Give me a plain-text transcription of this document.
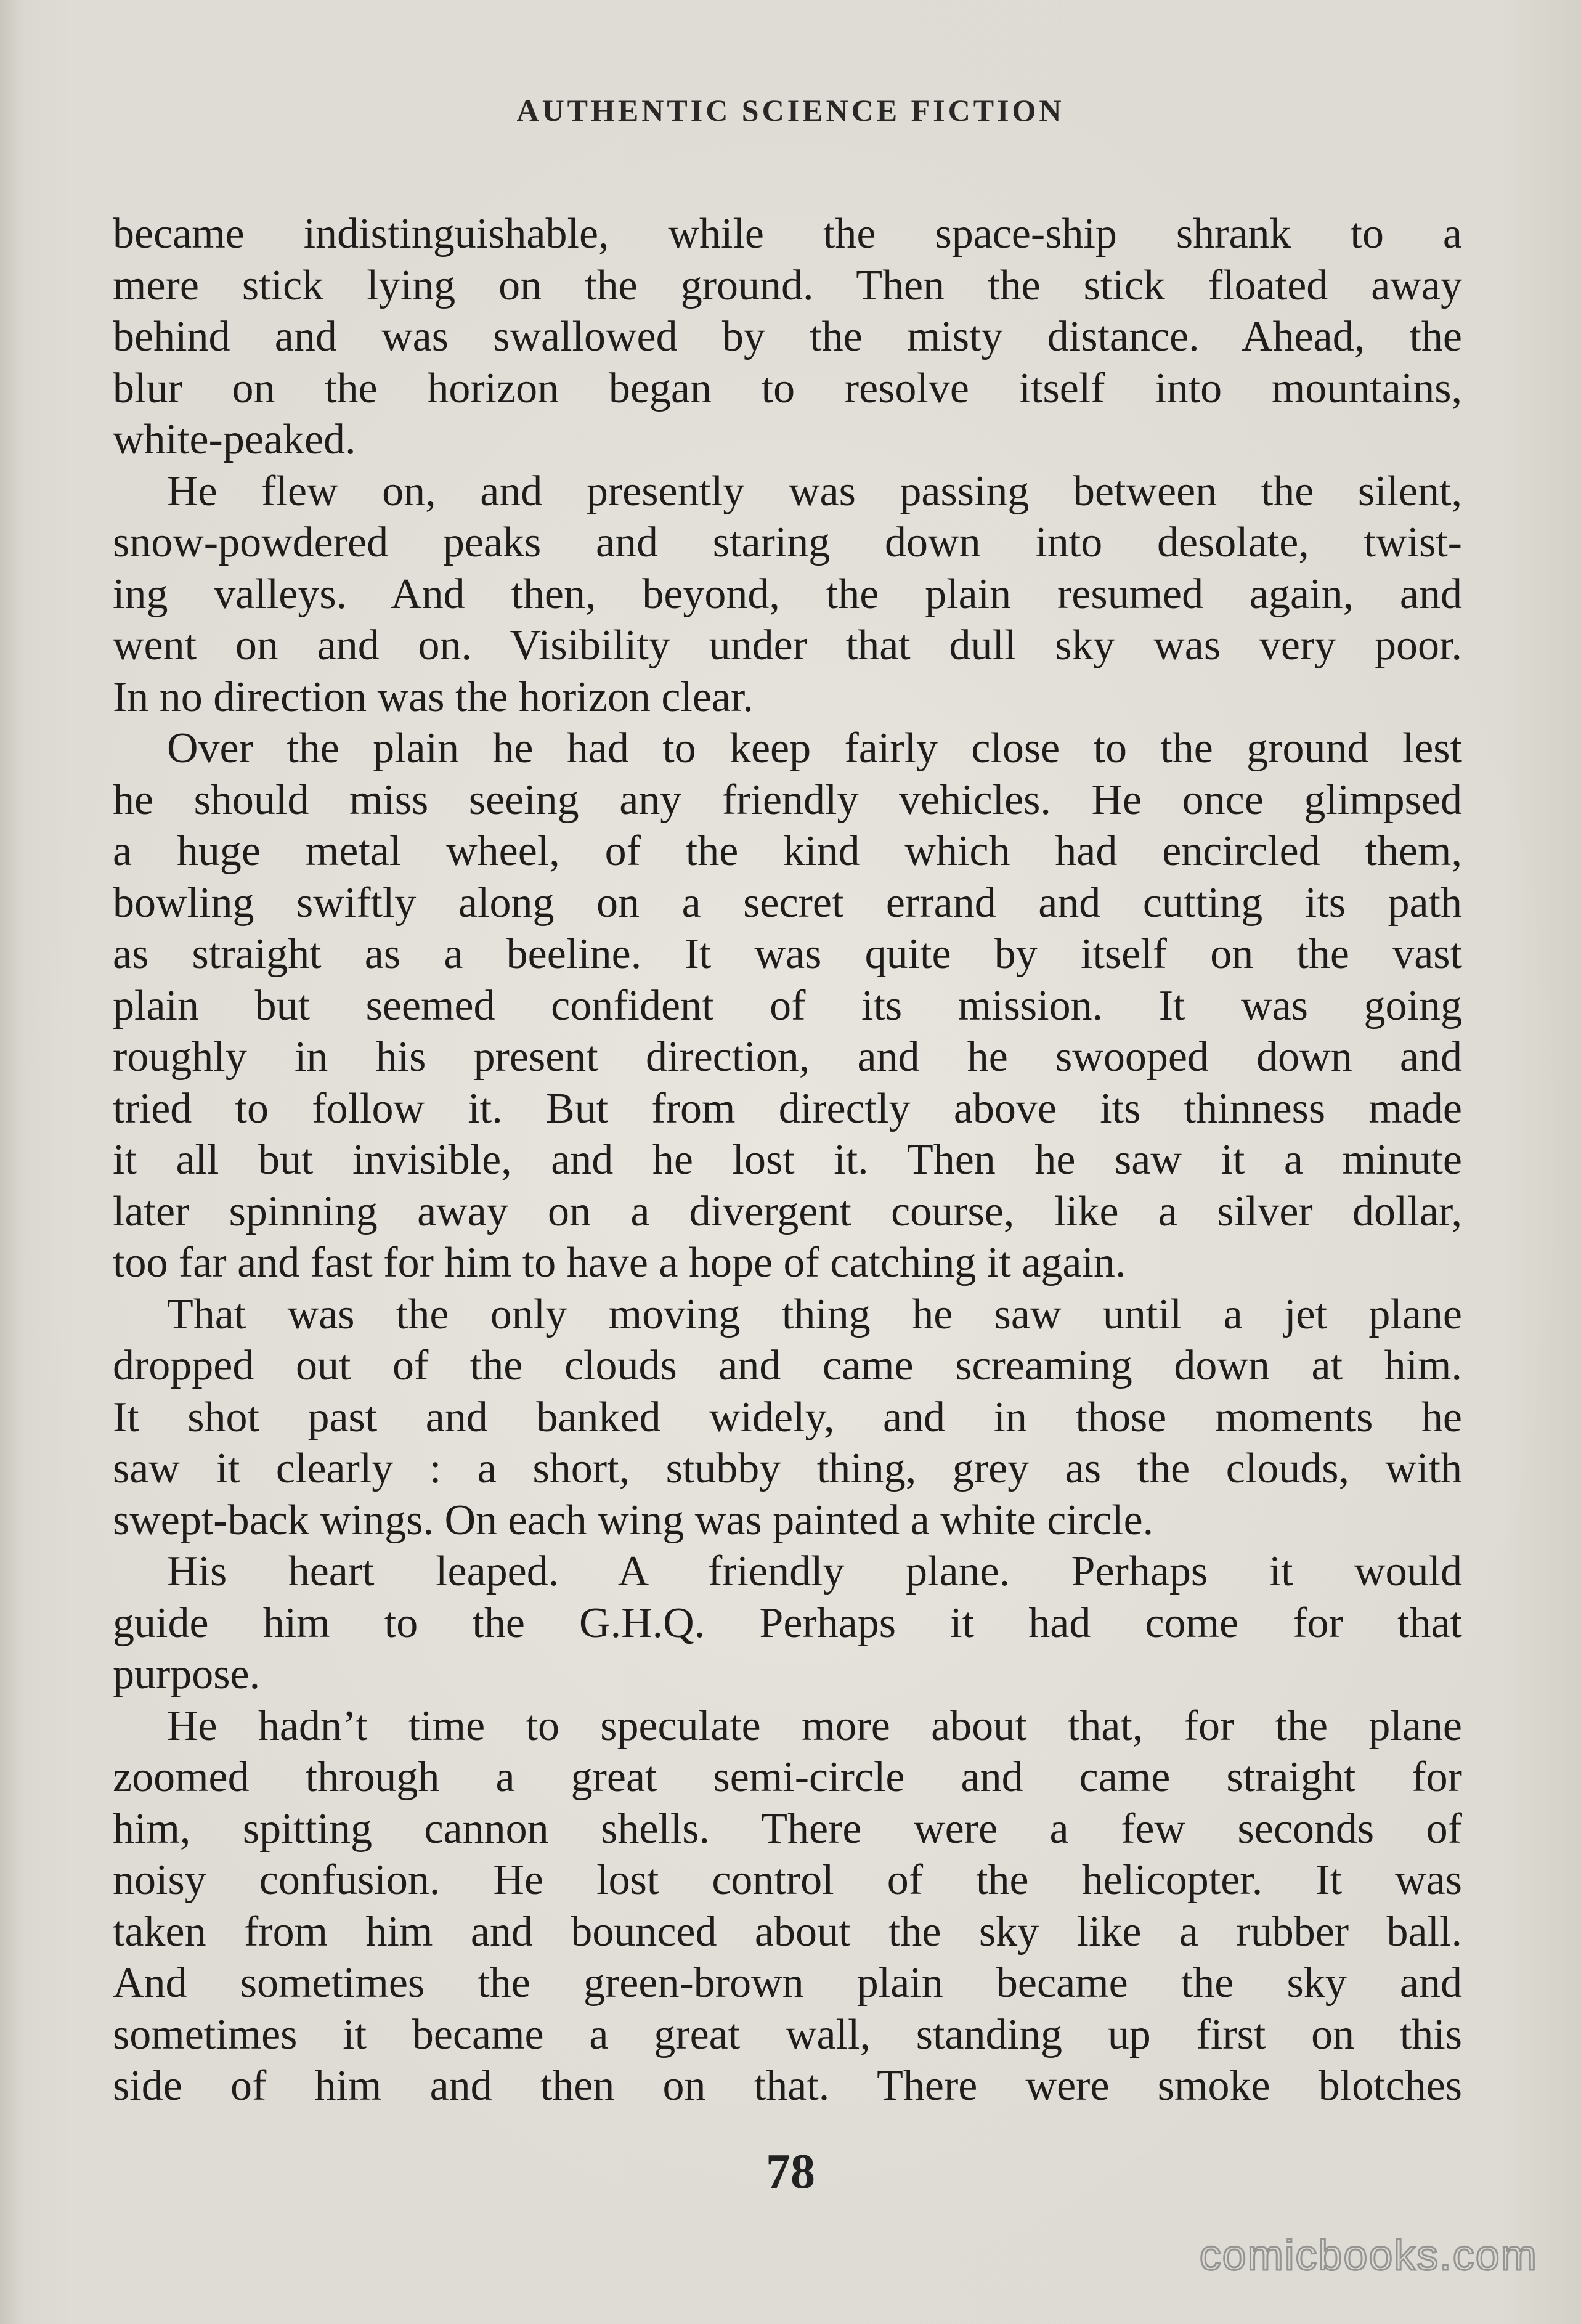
AUTHENTIC SCIENCE FICTION

became indistinguishable, while the space-ship shrank to a

mere stick lying on the ground. Then the stick floated away

behind and was swallowed by the misty distance. Ahead, the

blur on the horizon began to resolve itself into mountains,

white-peaked.

He flew on, and presently was passing between the silent,

snow-powdered peaks and staring down into desolate, twist-

ing valleys. And then, beyond, the plain resumed again, and

went on and on. Visibility under that dull sky was very poor.

In no direction was the horizon clear.

Over the plain he had to keep fairly close to the ground lest

he should miss seeing any friendly vehicles. He once glimpsed

a huge metal wheel, of the kind which had encircled them,

bowling swiftly along on a secret errand and cutting its path

as straight as a beeline. It was quite by itself on the vast

plain but seemed confident of its mission. It was going

roughly in his present direction, and he swooped down and

tried to follow it. But from directly above its thinness made

it all but invisible, and he lost it. Then he saw it a minute

later spinning away on a divergent course, like a silver dollar,

too far and fast for him to have a hope of catching it again.

That was the only moving thing he saw until a jet plane

dropped out of the clouds and came screaming down at him.

It shot past and banked widely, and in those moments he

saw it clearly : a short, stubby thing, grey as the clouds, with

swept-back wings. On each wing was painted a white circle.

His heart leaped. A friendly plane. Perhaps it would

guide him to the G.H.Q. Perhaps it had come for that

purpose.

He hadn’t time to speculate more about that, for the plane

zoomed through a great semi-circle and came straight for

him, spitting cannon shells. There were a few seconds of

noisy confusion. He lost control of the helicopter. It was

taken from him and bounced about the sky like a rubber ball.

And sometimes the green-brown plain became the sky and

sometimes it became a great wall, standing up first on this

side of him and then on that. There were smoke blotches

78
comicbooks.com
